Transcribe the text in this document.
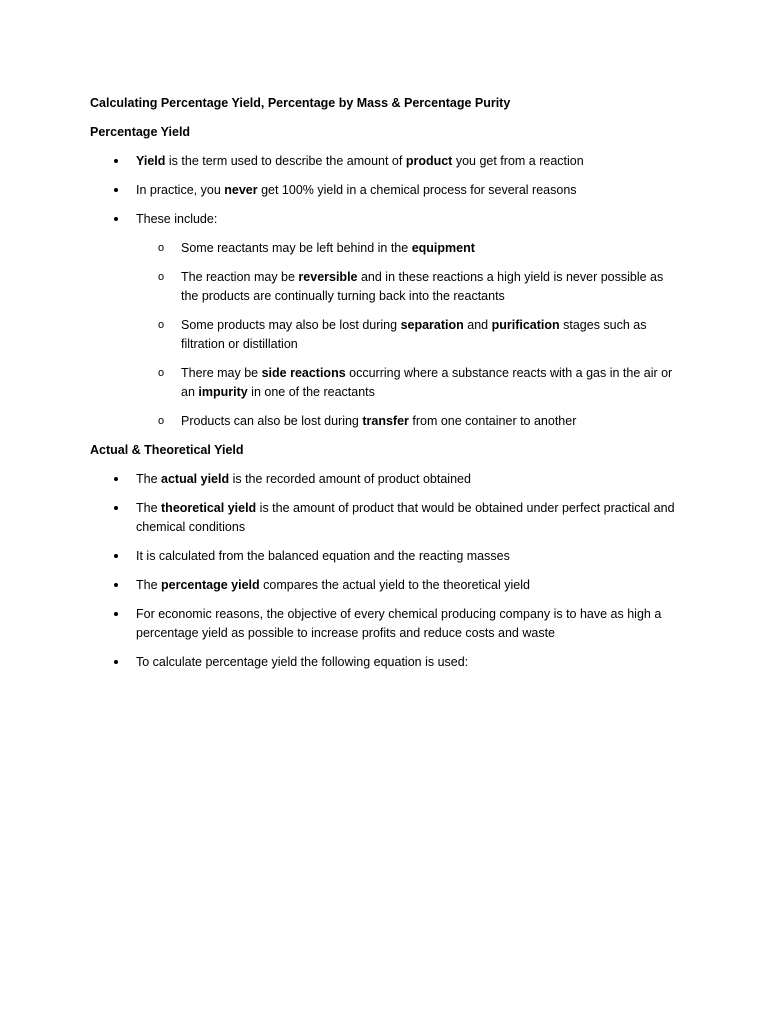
Calculating Percentage Yield, Percentage by Mass & Percentage Purity

Percentage Yield

Yield is the term used to describe the amount of product you get from a reaction
In practice, you never get 100% yield in a chemical process for several reasons
These include:
o Some reactants may be left behind in the equipment
o The reaction may be reversible and in these reactions a high yield is never possible as the products are continually turning back into the reactants
o Some products may also be lost during separation and purification stages such as filtration or distillation
o There may be side reactions occurring where a substance reacts with a gas in the air or an impurity in one of the reactants
o Products can also be lost during transfer from one container to another

Actual & Theoretical Yield

The actual yield is the recorded amount of product obtained
The theoretical yield is the amount of product that would be obtained under perfect practical and chemical conditions
It is calculated from the balanced equation and the reacting masses
The percentage yield compares the actual yield to the theoretical yield
For economic reasons, the objective of every chemical producing company is to have as high a percentage yield as possible to increase profits and reduce costs and waste
To calculate percentage yield the following equation is used:
